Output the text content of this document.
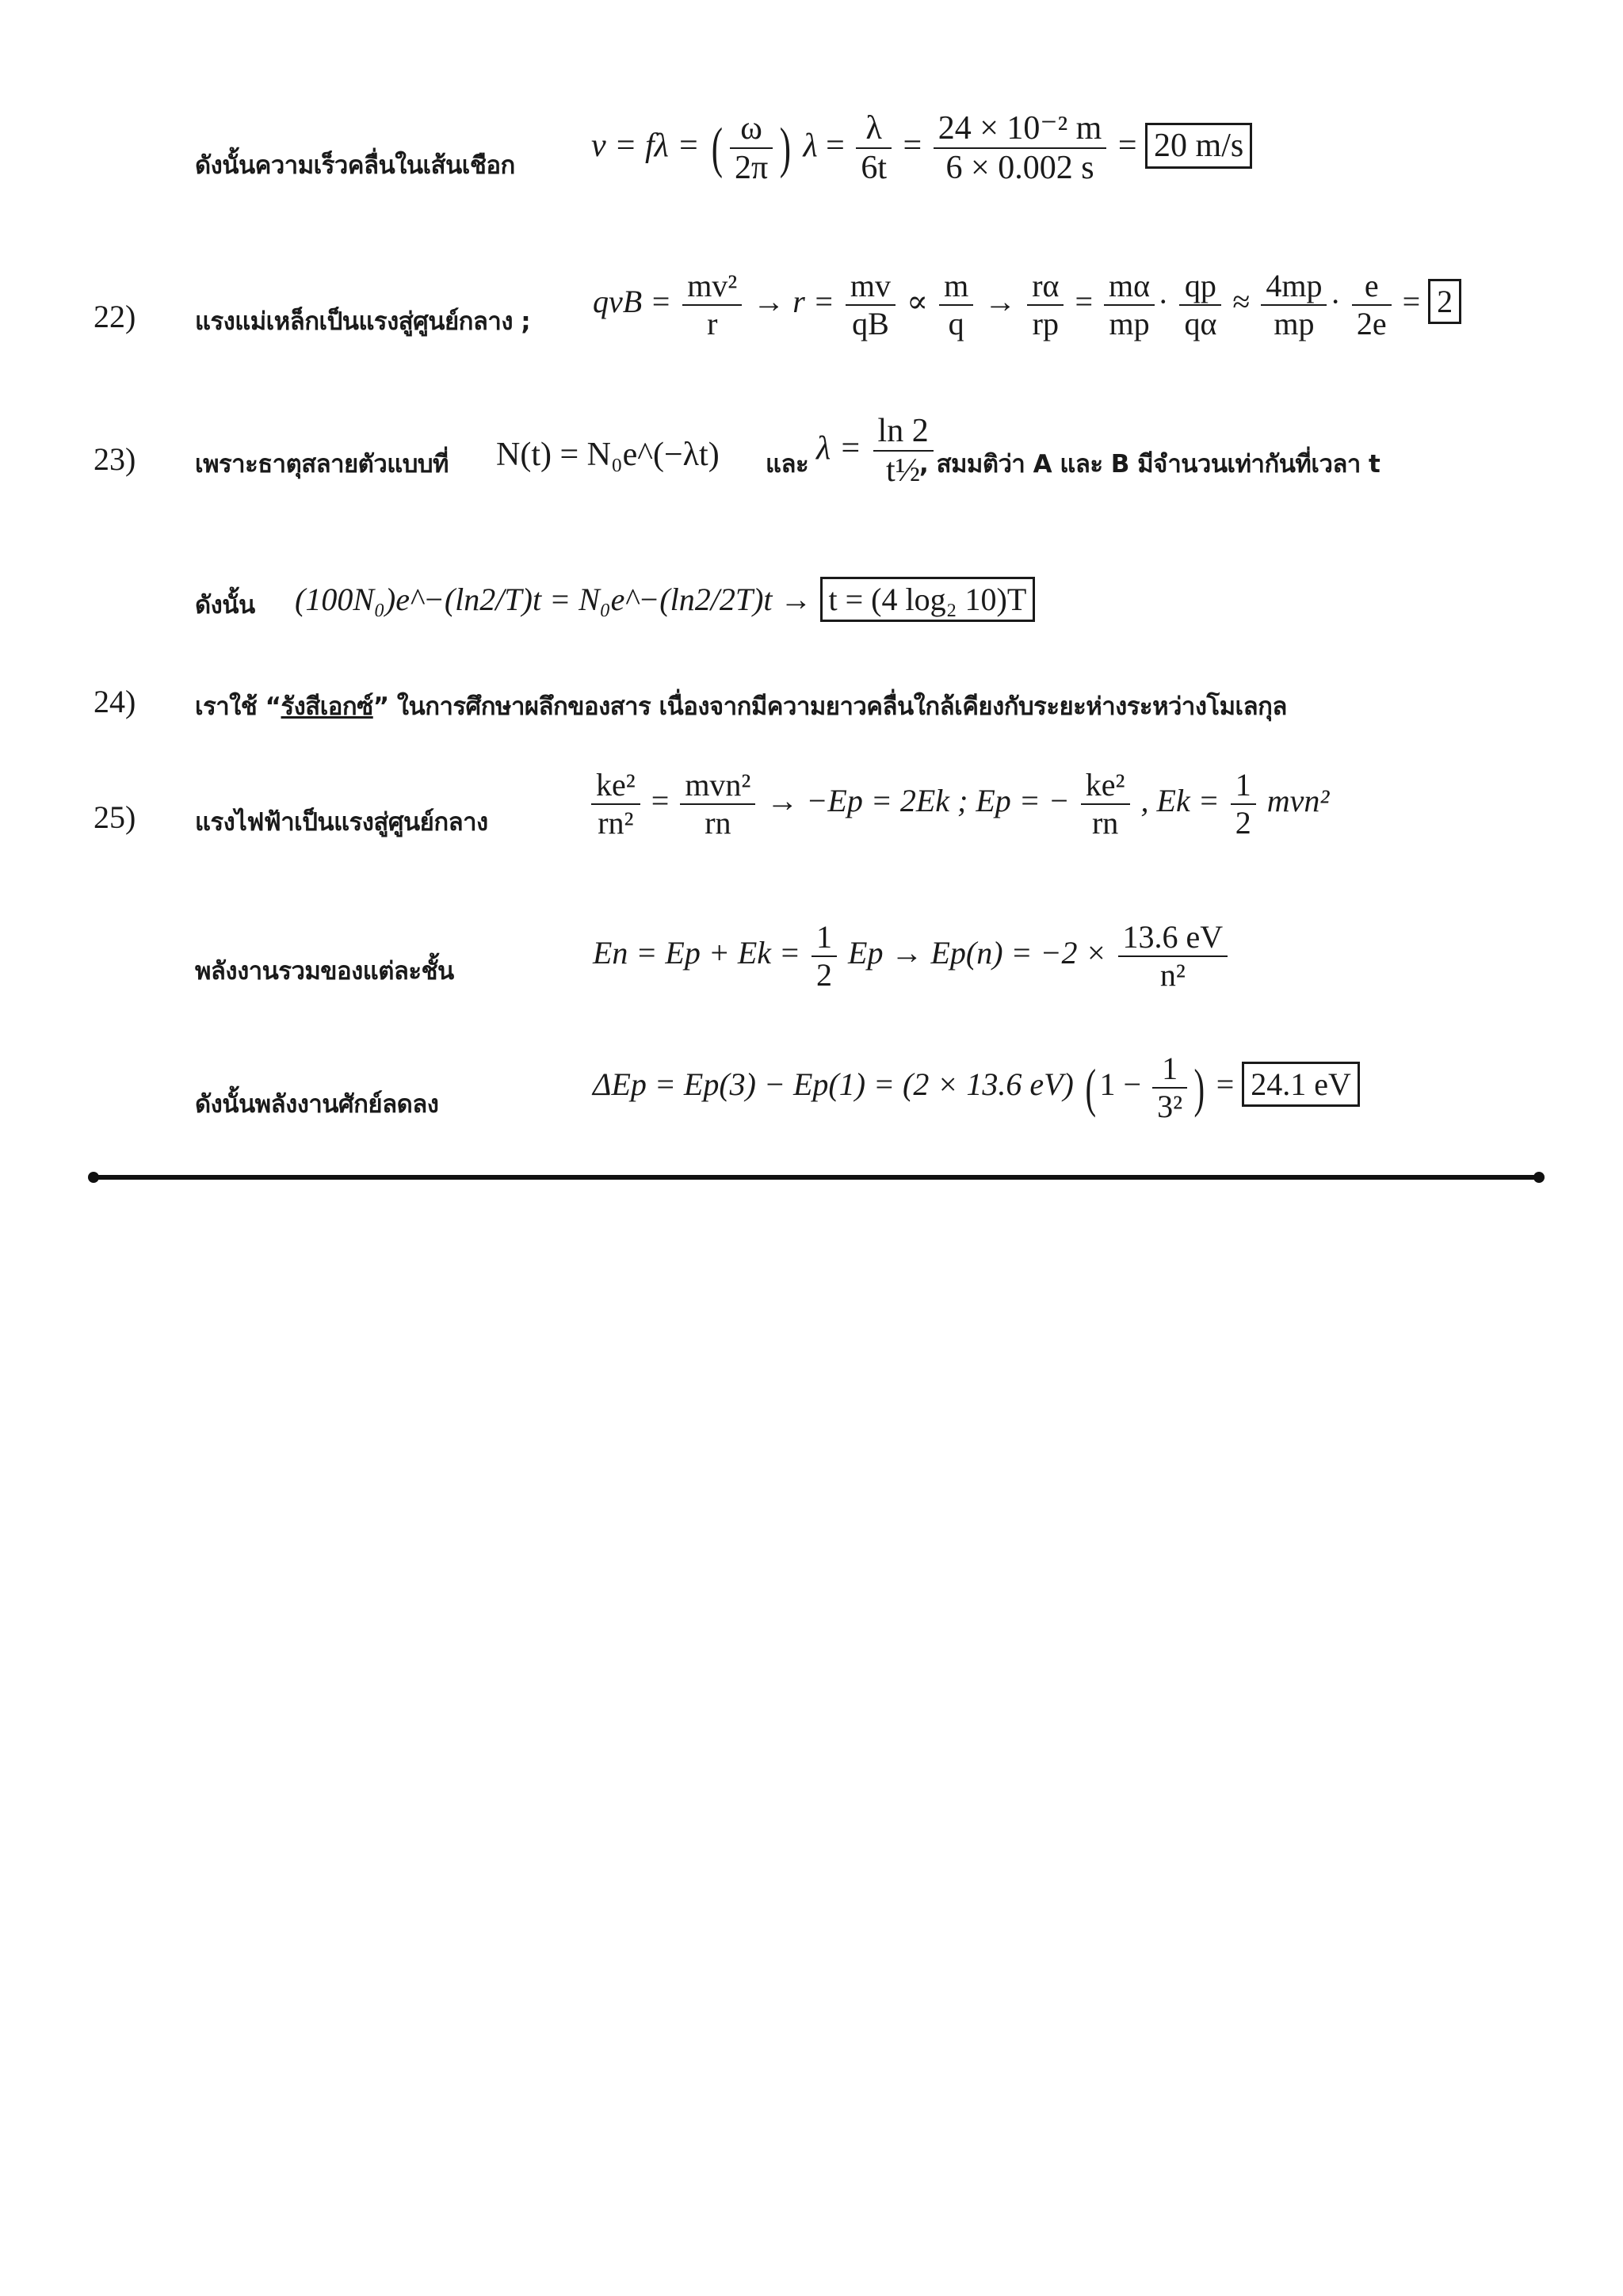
ดังนั้นความเร็วคลื่นในเส้นเชือก
v = fλ = ( $\frac{\omega}{2\pi}$ ) $\lambda = \frac{\lambda}{6t} = \frac{\text{24 × 10⁻² m}}{6 \times 0.002 s} = 20$ m/s
22) แรงแม่เหล็กเป็นแรงสู่ศูนย์กลาง ;
qvB = $\frac{\text{mv²}}{r} \to r = \frac{mv}{qB} \propto \frac{m}{q} \to \frac{r\alpha}{rp} = \frac{m\alpha}{mp} \cdot \frac{qp}{q\alpha} \approx \frac{4mp}{mp} \cdot \frac{e}{2e} = 2$
23) เพราะธาตุสลายตัวแบบที่ N(t) = N₀e^(−λt) และ $\lambda = \frac{\ln 2}{\text{t½}}$
, สมมติว่า A และ B มีจำนวนเท่ากันที่เวลา t
ดังนั้น (100N₀)e^−(ln2/T)t = N₀e^−(ln2/2T)t → t = (4 log₂ 10)T
24) เราใช้ “รังสีเอกซ์” ในการศึกษาผลึกของสาร เนื่องจากมีความยาวคลื่นใกล้เคียงกับระยะห่างระหว่างโมเลกุล
25) แรงไฟฟ้าเป็นแรงสู่ศูนย์กลาง	$\frac{\text{ke²}}{\text{rn²}} = \frac{\text{mvn²}}{rn} \to -Ep = 2Ek$ ; Ep = − $\frac{\text{ke²}}{rn}$ , $Ek = \frac{1}{2} mvn^2$
พลังงานรวมของแต่ละชั้น
$En = Ep + Ek = \frac{1}{2}$ $Ep \to Ep(n) = -2 \times \frac{13.6 eV}{\text{n²}}$
ดังนั้นพลังงานศักย์ลดลง
ΔEp = Ep(3) − Ep(1) = (2 × 13.6 eV) ( $1 - \frac{1}{\text{3²}}$ ) = 24.1 eV
